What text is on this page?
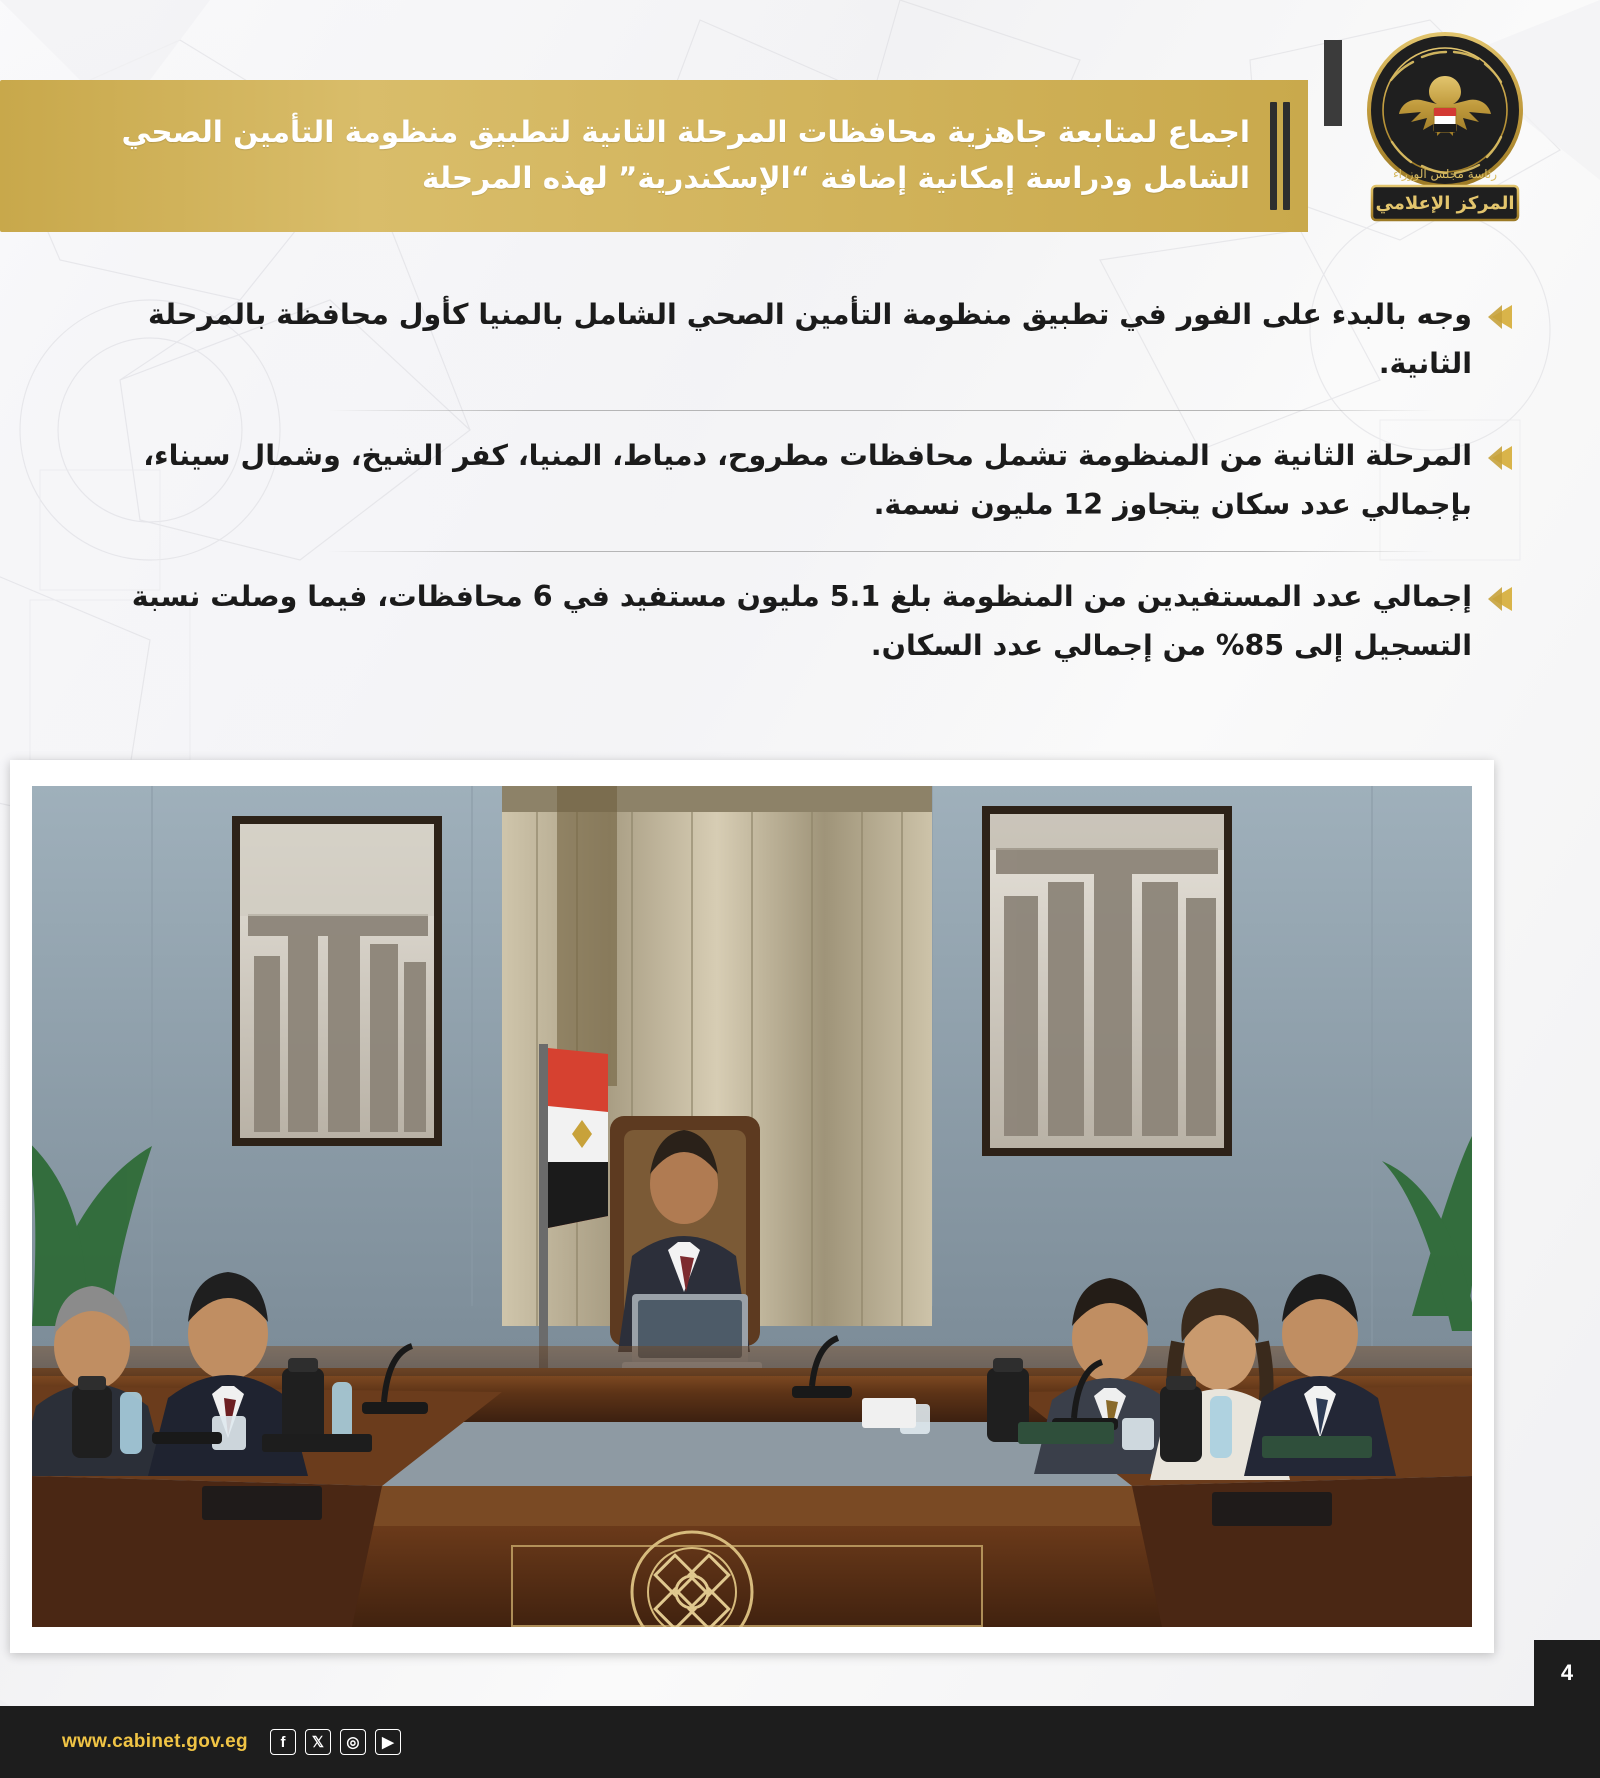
اجماع لمتابعة جاهزية محافظات المرحلة الثانية لتطبيق منظومة التأمين الصحي الشامل ودراسة إمكانية إضافة “الإسكندرية” لهذه المرحلة
المركز الإعلامي
رئاسة مجلس الوزراء
وجه بالبدء على الفور في تطبيق منظومة التأمين الصحي الشامل بالمنيا كأول محافظة بالمرحلة الثانية.
المرحلة الثانية من المنظومة تشمل محافظات مطروح، دمياط، المنيا، كفر الشيخ، وشمال سيناء، بإجمالي عدد سكان يتجاوز 12 مليون نسمة.
إجمالي عدد المستفيدين من المنظومة بلغ 5.1 مليون مستفيد في 6 محافظات، فيما وصلت نسبة التسجيل إلى 85% من إجمالي عدد السكان.
4
www.cabinet.gov.eg	f	𝕏	◎	▶
